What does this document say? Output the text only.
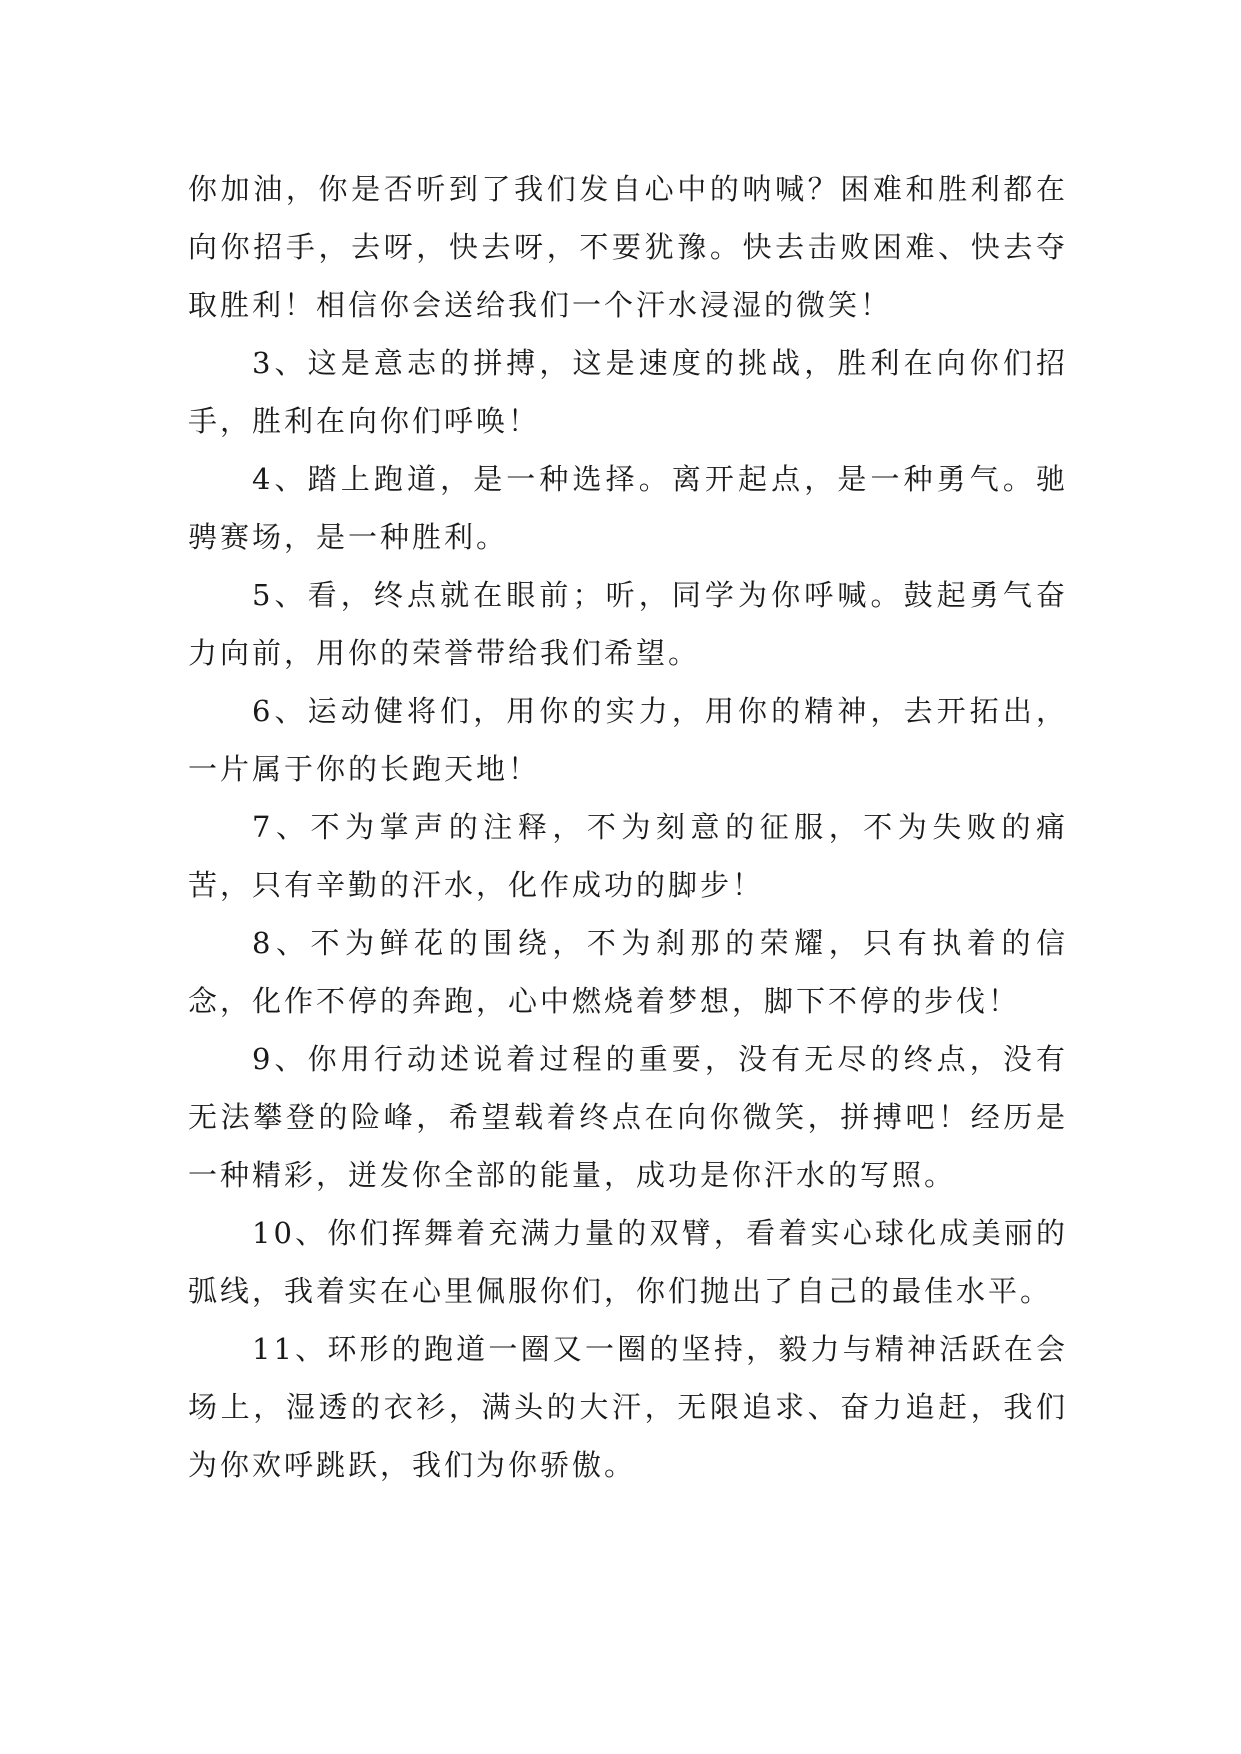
你加油，你是否听到了我们发自心中的呐喊？困难和胜利都在向你招手，去呀，快去呀，不要犹豫。快去击败困难、快去夺取胜利！相信你会送给我们一个汗水浸湿的微笑！

3、这是意志的拼搏，这是速度的挑战，胜利在向你们招手，胜利在向你们呼唤！

4、踏上跑道，是一种选择。离开起点，是一种勇气。驰骋赛场，是一种胜利。

5、看，终点就在眼前；听，同学为你呼喊。鼓起勇气奋力向前，用你的荣誉带给我们希望。

6、运动健将们，用你的实力，用你的精神，去开拓出，一片属于你的长跑天地！

7、不为掌声的注释，不为刻意的征服，不为失败的痛苦，只有辛勤的汗水，化作成功的脚步！

8、不为鲜花的围绕，不为刹那的荣耀，只有执着的信念，化作不停的奔跑，心中燃烧着梦想，脚下不停的步伐！

9、你用行动述说着过程的重要，没有无尽的终点，没有无法攀登的险峰，希望载着终点在向你微笑，拼搏吧！经历是一种精彩，迸发你全部的能量，成功是你汗水的写照。

10、你们挥舞着充满力量的双臂，看着实心球化成美丽的弧线，我着实在心里佩服你们，你们抛出了自己的最佳水平。

11、环形的跑道一圈又一圈的坚持，毅力与精神活跃在会场上，湿透的衣衫，满头的大汗，无限追求、奋力追赶，我们为你欢呼跳跃，我们为你骄傲。
